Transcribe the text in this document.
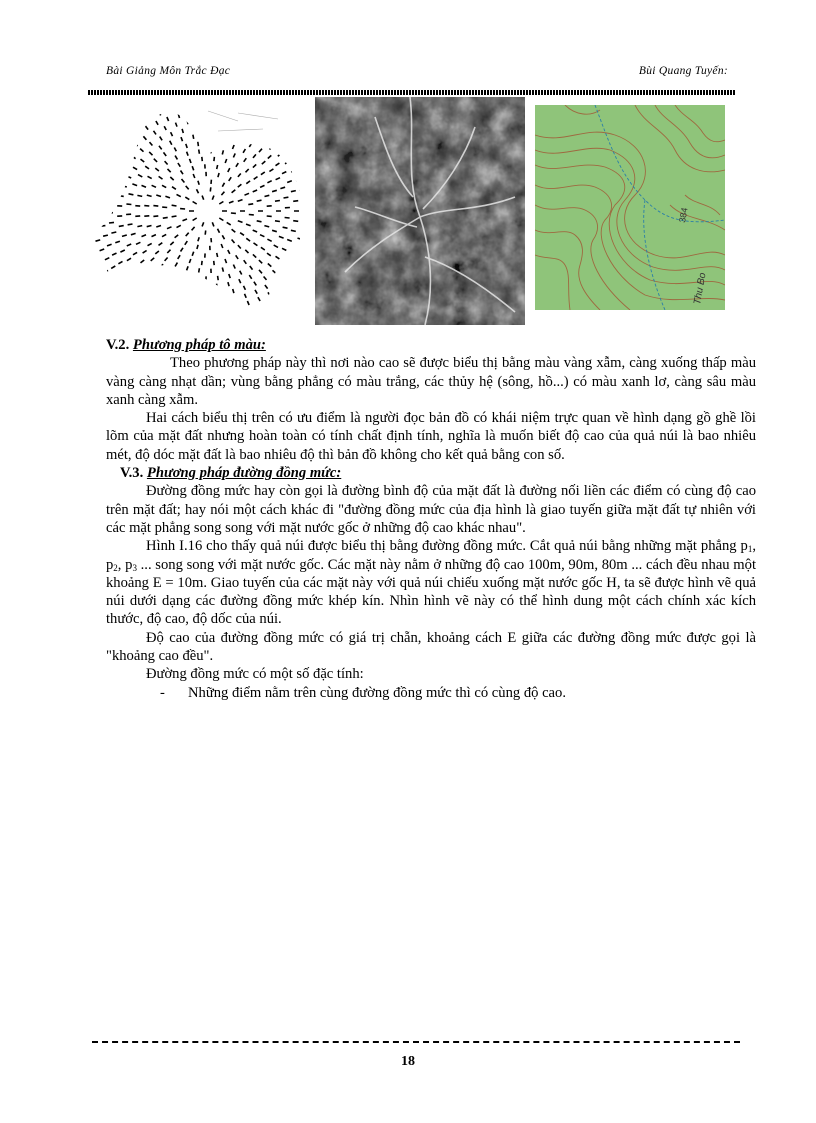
Bài Giảng Môn Trắc Đạc	Bùi Quang Tuyến:
384
Thu Bo

V.2. Phương pháp tô màu:

Theo phương pháp này thì nơi nào cao sẽ được biểu thị bằng màu vàng xẫm, càng xuống thấp màu vàng càng nhạt dần; vùng bằng phẳng có màu trắng, các thủy hệ (sông, hồ...) có màu xanh lơ, càng sâu màu xanh càng xẫm.

Hai cách biểu thị trên có ưu điểm là người đọc bản đồ có khái niệm trực quan về hình dạng gồ ghề lồi lõm của mặt đất nhưng hoàn toàn có tính chất định tính, nghĩa là muốn biết độ cao của quả núi là bao nhiêu mét, độ dóc mặt đất là bao nhiêu độ thì bản đồ không cho kết quả bằng con số.

V.3. Phương pháp đường đồng mức:

Đường đồng mức hay còn gọi là đường bình độ của mặt đất là đường nối liền các điểm có cùng độ cao trên mặt đất; hay nói một cách khác đi "đường đồng mức của địa hình là giao tuyến giữa mặt đất tự nhiên với các mặt phẳng song song với mặt nước gốc ở những độ cao khác nhau".

Hình I.16 cho thấy quả núi được biểu thị bằng đường đồng mức. Cắt quả núi bằng những mặt phẳng $p_1$, $p_2$, $p_3$ ... song song với mặt nước gốc. Các mặt này nằm ở những độ cao 100m, 90m, 80m ... cách đều nhau một khoảng E = 10m. Giao tuyến của các mặt này với quả núi chiếu xuống mặt nước gốc H, ta sẽ được hình vẽ quả núi dưới dạng các đường đồng mức khép kín. Nhìn hình vẽ này có thể hình dung một cách chính xác kích thước, độ cao, độ dốc của núi.

Độ cao của đường đồng mức có giá trị chẵn, khoảng cách E giữa các đường đồng mức được gọi là "khoảng cao đều".

Đường đồng mức có một số đặc tính:

- Những điểm nằm trên cùng đường đồng mức thì có cùng độ cao.

18
